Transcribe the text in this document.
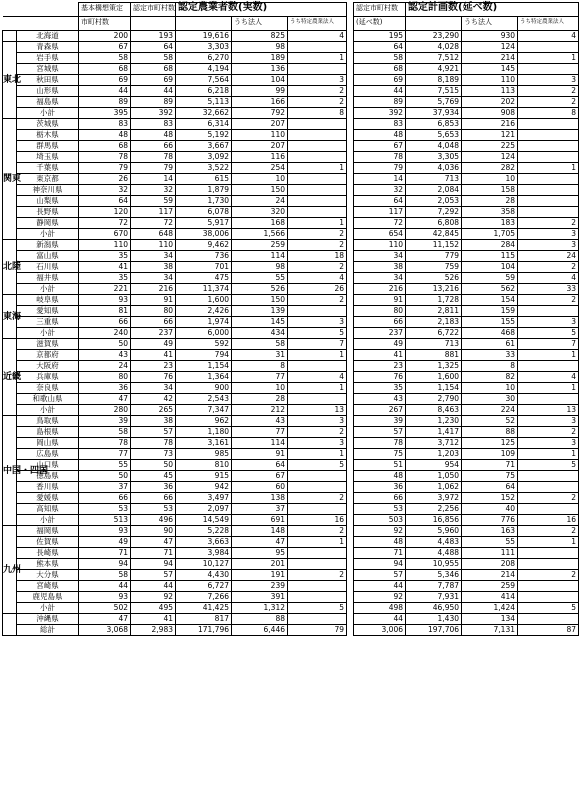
		基本構想策定	認定市町村数	認定農業者数(実数)				認定市町村数	認定計画数(延べ数)		
		市町村数			うち法人	うち特定農業法人		(延べ数)		うち法人	うち特定農業法人
	北海道	200	193	19,616	825	4		195	23,290	930	4
東北	青森県	67	64	3,303	98			64	4,028	124	
	岩手県	58	58	6,270	189	1		58	7,512	214	1
	宮城県	68	68	4,194	136			68	4,921	145	
	秋田県	69	69	7,564	104	3		69	8,189	110	3
	山形県	44	44	6,218	99	2		44	7,515	113	2
	福島県	89	89	5,113	166	2		89	5,769	202	2
	小計	395	392	32,662	792	8		392	37,934	908	8
関東	茨城県	83	83	6,314	207			83	6,853	216	
	栃木県	48	48	5,192	110			48	5,653	121	
	群馬県	68	66	3,667	207			67	4,048	225	
	埼玉県	78	78	3,092	116			78	3,305	124	
	千葉県	79	79	3,522	254	1		79	4,036	282	1
	東京都	26	14	615	10			14	713	10	
	神奈川県	32	32	1,879	150			32	2,084	158	
	山梨県	64	59	1,730	24			64	2,053	28	
	長野県	120	117	6,078	320			117	7,292	358	
	静岡県	72	72	5,917	168	1		72	6,808	183	2
	小計	670	648	38,006	1,566	2		654	42,845	1,705	3
北陸	新潟県	110	110	9,462	259	2		110	11,152	284	3
	富山県	35	34	736	114	18		34	779	115	24
	石川県	41	38	701	98	2		38	759	104	2
	福井県	35	34	475	55	4		34	526	59	4
	小計	221	216	11,374	526	26		216	13,216	562	33
東海	岐阜県	93	91	1,600	150	2		91	1,728	154	2
	愛知県	81	80	2,426	139			80	2,811	159	
	三重県	66	66	1,974	145	3		66	2,183	155	3
	小計	240	237	6,000	434	5		237	6,722	468	5
近畿	滋賀県	50	49	592	58	7		49	713	61	7
	京都府	43	41	794	31	1		41	881	33	1
	大阪府	24	23	1,154	8			23	1,325	8	
	兵庫県	80	76	1,364	77	4		76	1,600	82	4
	奈良県	36	34	900	10	1		35	1,154	10	1
	和歌山県	47	42	2,543	28			43	2,790	30	
	小計	280	265	7,347	212	13		267	8,463	224	13
中国・四国	鳥取県	39	38	962	43	3		39	1,230	52	3
	島根県	58	57	1,180	77	2		57	1,417	88	2
	岡山県	78	78	3,161	114	3		78	3,712	125	3
	広島県	77	73	985	91	1		75	1,203	109	1
	山口県	55	50	810	64	5		51	954	71	5
	徳島県	50	45	915	67			48	1,050	75	
	香川県	37	36	942	60			36	1,062	64	
	愛媛県	66	66	3,497	138	2		66	3,972	152	2
	高知県	53	53	2,097	37			53	2,256	40	
	小計	513	496	14,549	691	16		503	16,856	776	16
九州	福岡県	93	90	5,228	148	2		92	5,960	163	2
	佐賀県	49	47	3,663	47	1		48	4,483	55	1
	長崎県	71	71	3,984	95			71	4,488	111	
	熊本県	94	94	10,127	201			94	10,955	208	
	大分県	58	57	4,430	191	2		57	5,346	214	2
	宮崎県	44	44	6,727	239			44	7,787	259	
	鹿児島県	93	92	7,266	391			92	7,931	414	
	小計	502	495	41,425	1,312	5		498	46,950	1,424	5
	沖縄県	47	41	817	88			44	1,430	134	
	総計	3,068	2,983	171,796	6,446	79		3,006	197,706	7,131	87
